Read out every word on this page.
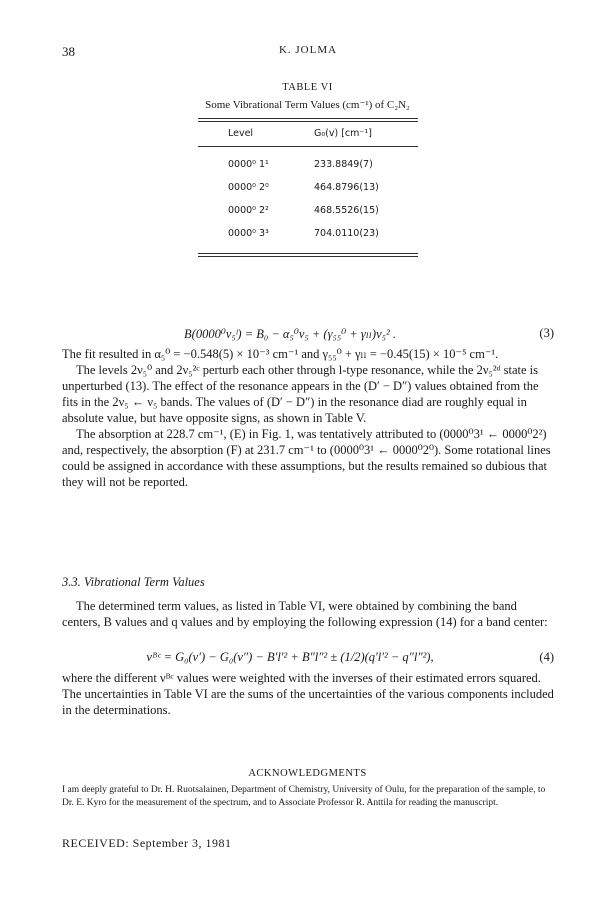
38	K. JOLMA
TABLE VI
Some Vibrational Term Values (cm⁻¹) of C₂N₂
Level	G₀(v) [cm⁻¹]
0000⁰ 1¹	233.8849(7)
0000⁰ 2⁰	464.8796(13)
0000⁰ 2²	468.5526(15)
0000⁰ 3³	704.0110(23)
B(0000⁰v₅ˡ) = B₀ − α₅⁰v₅ + (γ₅₅⁰ + γₗₗ)v₅² .	(3)

The fit resulted in α₅⁰ = −0.548(5) × 10⁻³ cm⁻¹ and γ₅₅⁰ + γₗₗ = −0.45(15) × 10⁻⁵ cm⁻¹.

The levels 2ν₅⁰ and 2ν₅²ᶜ perturb each other through l-type resonance, while the 2ν₅²ᵈ state is unperturbed (13). The effect of the resonance appears in the (D′ − D″) values obtained from the fits in the 2ν₅ ← ν₅ bands. The values of (D′ − D″) in the resonance diad are roughly equal in absolute value, but have opposite signs, as shown in Table V.

The absorption at 228.7 cm⁻¹, (E) in Fig. 1, was tentatively attributed to (0000⁰3¹ ← 0000⁰2²) and, respectively, the absorption (F) at 231.7 cm⁻¹ to (0000⁰3¹ ← 0000⁰2⁰). Some rotational lines could be assigned in accordance with these assumptions, but the results remained so dubious that they will not be reported.

3.3. Vibrational Term Values

The determined term values, as listed in Table VI, were obtained by combining the band centers, B values and q values and by employing the following expression (14) for a band center:

νᴮᶜ = G₀(v′) − G₀(v″) − B′l′² + B″l″² ± (1/2)(q′l′² − q″l″²),	(4)

where the different νᴮᶜ values were weighted with the inverses of their estimated errors squared. The uncertainties in Table VI are the sums of the uncertainties of the various components included in the determinations.

ACKNOWLEDGMENTS
I am deeply grateful to Dr. H. Ruotsalainen, Department of Chemistry, University of Oulu, for the preparation of the sample, to Dr. E. Kyro for the measurement of the spectrum, and to Associate Professor R. Anttila for reading the manuscript.
RECEIVED: September 3, 1981
